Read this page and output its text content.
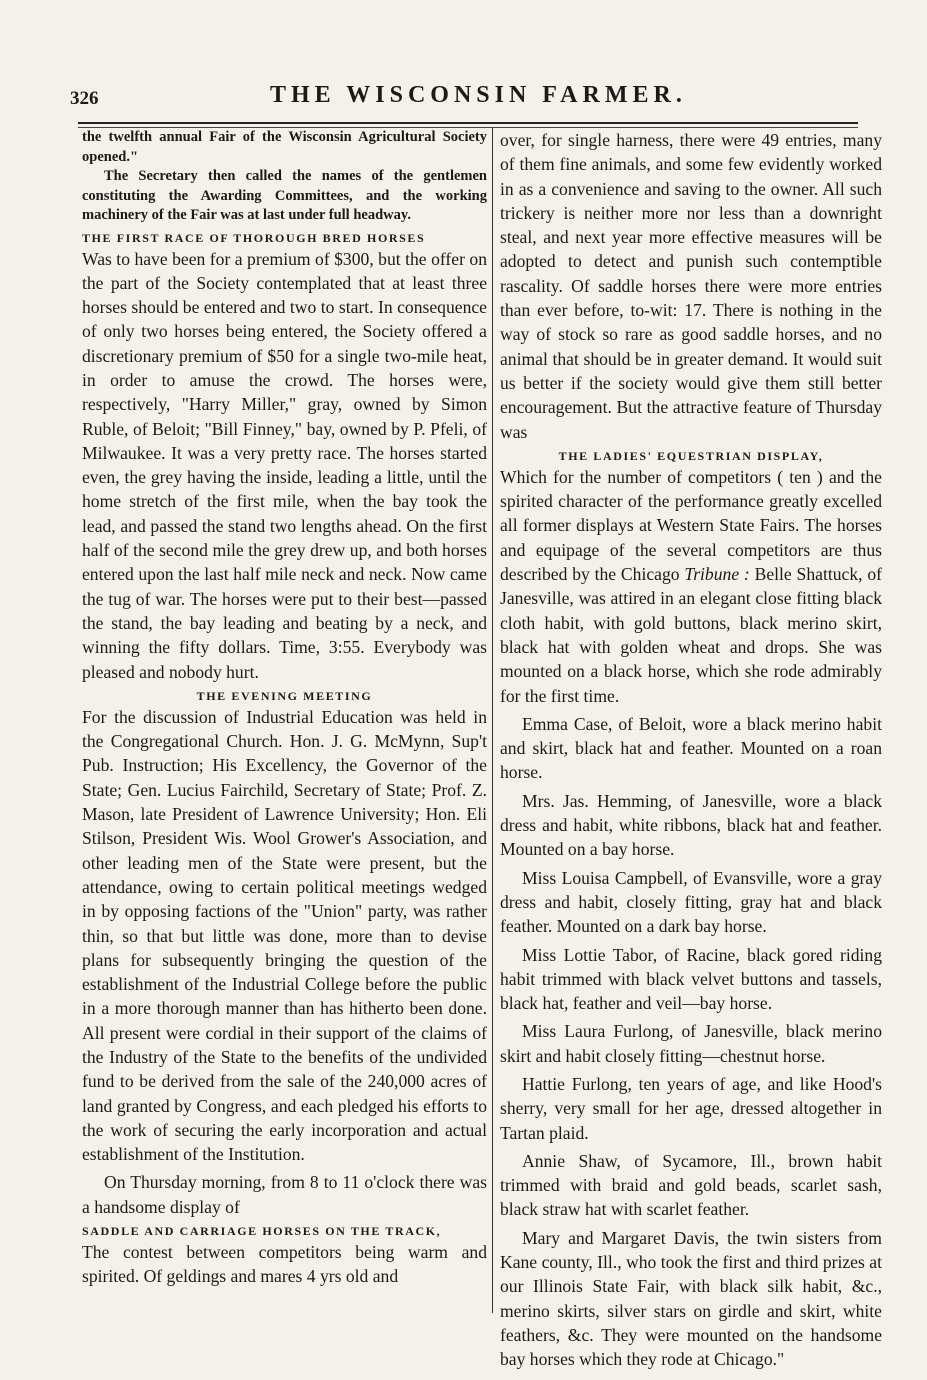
326	THE WISCONSIN FARMER.

the twelfth annual Fair of the Wisconsin Agricultural Society opened."

The Secretary then called the names of the gentlemen constituting the Awarding Committees, and the working machinery of the Fair was at last under full headway.

THE FIRST RACE OF THOROUGH BRED HORSES

Was to have been for a premium of $300, but the offer on the part of the Society contemplated that at least three horses should be entered and two to start. In consequence of only two horses being entered, the Society offered a discretionary premium of $50 for a single two-mile heat, in order to amuse the crowd. The horses were, respectively, "Harry Miller," gray, owned by Simon Ruble, of Beloit; "Bill Finney," bay, owned by P. Pfeli, of Milwaukee. It was a very pretty race. The horses started even, the grey having the inside, leading a little, until the home stretch of the first mile, when the bay took the lead, and passed the stand two lengths ahead. On the first half of the second mile the grey drew up, and both horses entered upon the last half mile neck and neck. Now came the tug of war. The horses were put to their best—passed the stand, the bay leading and beating by a neck, and winning the fifty dollars. Time, 3:55. Everybody was pleased and nobody hurt.

THE EVENING MEETING

For the discussion of Industrial Education was held in the Congregational Church. Hon. J. G. McMynn, Sup't Pub. Instruction; His Excellency, the Governor of the State; Gen. Lucius Fairchild, Secretary of State; Prof. Z. Mason, late President of Lawrence University; Hon. Eli Stilson, President Wis. Wool Grower's Association, and other leading men of the State were present, but the attendance, owing to certain political meetings wedged in by opposing factions of the "Union" party, was rather thin, so that but little was done, more than to devise plans for subsequently bringing the question of the establishment of the Industrial College before the public in a more thorough manner than has hitherto been done. All present were cordial in their support of the claims of the Industry of the State to the benefits of the undivided fund to be derived from the sale of the 240,000 acres of land granted by Congress, and each pledged his efforts to the work of securing the early incorporation and actual establishment of the Institution.

On Thursday morning, from 8 to 11 o'clock there was a handsome display of

SADDLE AND CARRIAGE HORSES ON THE TRACK,

The contest between competitors being warm and spirited. Of geldings and mares 4 yrs old and

over, for single harness, there were 49 entries, many of them fine animals, and some few evidently worked in as a convenience and saving to the owner. All such trickery is neither more nor less than a downright steal, and next year more effective measures will be adopted to detect and punish such contemptible rascality. Of saddle horses there were more entries than ever before, to-wit: 17. There is nothing in the way of stock so rare as good saddle horses, and no animal that should be in greater demand. It would suit us better if the society would give them still better encouragement. But the attractive feature of Thursday was

THE LADIES' EQUESTRIAN DISPLAY,

Which for the number of competitors ( ten ) and the spirited character of the performance greatly excelled all former displays at Western State Fairs. The horses and equipage of the several competitors are thus described by the Chicago Tribune : Belle Shattuck, of Janesville, was attired in an elegant close fitting black cloth habit, with gold buttons, black merino skirt, black hat with golden wheat and drops. She was mounted on a black horse, which she rode admirably for the first time.

Emma Case, of Beloit, wore a black merino habit and skirt, black hat and feather. Mounted on a roan horse.

Mrs. Jas. Hemming, of Janesville, wore a black dress and habit, white ribbons, black hat and feather. Mounted on a bay horse.

Miss Louisa Campbell, of Evansville, wore a gray dress and habit, closely fitting, gray hat and black feather. Mounted on a dark bay horse.

Miss Lottie Tabor, of Racine, black gored riding habit trimmed with black velvet buttons and tassels, black hat, feather and veil—bay horse.

Miss Laura Furlong, of Janesville, black merino skirt and habit closely fitting—chestnut horse.

Hattie Furlong, ten years of age, and like Hood's sherry, very small for her age, dressed altogether in Tartan plaid.

Annie Shaw, of Sycamore, Ill., brown habit trimmed with braid and gold beads, scarlet sash, black straw hat with scarlet feather.

Mary and Margaret Davis, the twin sisters from Kane county, Ill., who took the first and third prizes at our Illinois State Fair, with black silk habit, &c., merino skirts, silver stars on girdle and skirt, white feathers, &c. They were mounted on the handsome bay horses which they rode at Chicago."
